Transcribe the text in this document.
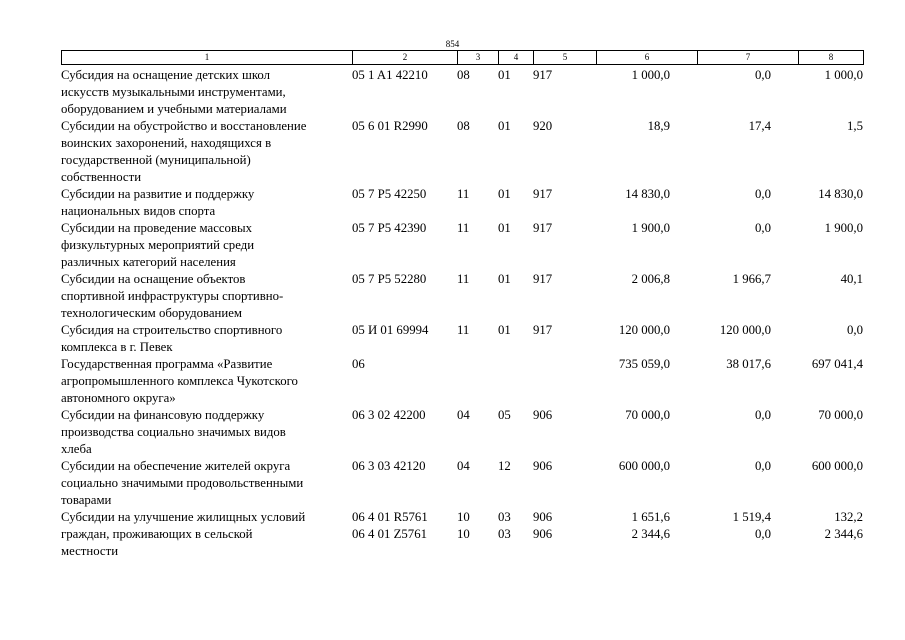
854
1	2	3	4	5	6	7	8
Субсидия на оснащение детских школ
искусств музыкальными инструментами,
оборудованием и учебными материалами
05 1 A1 42210 08 01 917	1 000,0	0,0	1 000,0
Субсидии на обустройство и восстановление
воинских захоронений, находящихся в
государственной (муниципальной)
собственности
05 6 01 R2990 08 01 920	18,9	17,4	1,5
Субсидии на развитие и поддержку
национальных видов спорта
05 7 P5 42250 11 01 917	14 830,0	0,0	14 830,0
Субсидии на проведение массовых
физкультурных мероприятий среди
различных категорий населения
05 7 P5 42390 11 01 917	1 900,0	0,0	1 900,0
Субсидии на оснащение объектов
спортивной инфраструктуры спортивно-
технологическим оборудованием
05 7 P5 52280 11 01 917	2 006,8	1 966,7	40,1
Субсидия на строительство спортивного
комплекса в г. Певек
05 И 01 69994 11 01 917	120 000,0	120 000,0	0,0
Государственная программа «Развитие
агропромышленного комплекса Чукотского
автономного округа»
06	735 059,0	38 017,6	697 041,4
Субсидии на финансовую поддержку
производства социально значимых видов
хлеба
06 3 02 42200 04 05 906	70 000,0	0,0	70 000,0
Субсидии на обеспечение жителей округа
социально значимыми продовольственными
товарами
06 3 03 42120 04 12 906	600 000,0	0,0	600 000,0
Субсидии на улучшение жилищных условий	06 4 01 R5761 10 03 906	1 651,6	1 519,4	132,2
граждан, проживающих в сельской
местности
06 4 01 Z5761 10 03 906	2 344,6	0,0	2 344,6
